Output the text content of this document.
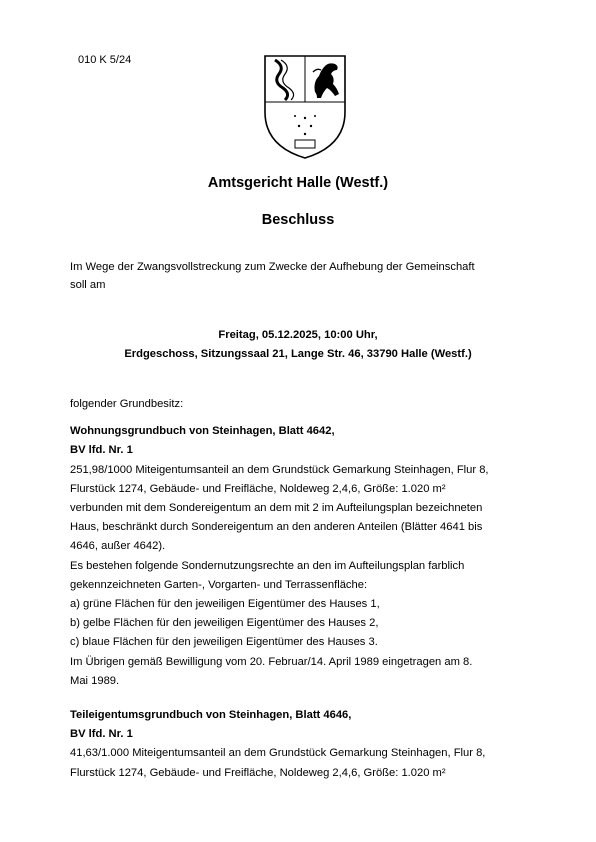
010 K 5/24
Amtsgericht Halle (Westf.)
Beschluss
Im Wege der Zwangsvollstreckung zum Zwecke der Aufhebung der Gemeinschaft
soll am
Freitag, 05.12.2025, 10:00 Uhr,
Erdgeschoss, Sitzungssaal 21, Lange Str. 46, 33790 Halle (Westf.)

folgender Grundbesitz:

Wohnungsgrundbuch von Steinhagen, Blatt 4642,

BV lfd. Nr. 1

251,98/1000 Miteigentumsanteil an dem Grundstück Gemarkung Steinhagen, Flur 8,

Flurstück 1274, Gebäude- und Freifläche, Noldeweg 2,4,6, Größe: 1.020 m²

verbunden mit dem Sondereigentum an dem mit 2 im Aufteilungsplan bezeichneten

Haus, beschränkt durch Sondereigentum an den anderen Anteilen (Blätter 4641 bis

4646, außer 4642).

Es bestehen folgende Sondernutzungsrechte an den im Aufteilungsplan farblich

gekennzeichneten Garten-, Vorgarten- und Terrassenfläche:

a) grüne Flächen für den jeweiligen Eigentümer des Hauses 1,

b) gelbe Flächen für den jeweiligen Eigentümer des Hauses 2,

c) blaue Flächen für den jeweiligen Eigentümer des Hauses 3.

Im Übrigen gemäß Bewilligung vom 20. Februar/14. April 1989 eingetragen am 8.

Mai 1989.

Teileigentumsgrundbuch von Steinhagen, Blatt 4646,

BV lfd. Nr. 1

41,63/1.000 Miteigentumsanteil an dem Grundstück Gemarkung Steinhagen, Flur 8,

Flurstück 1274, Gebäude- und Freifläche, Noldeweg 2,4,6, Größe: 1.020 m²
